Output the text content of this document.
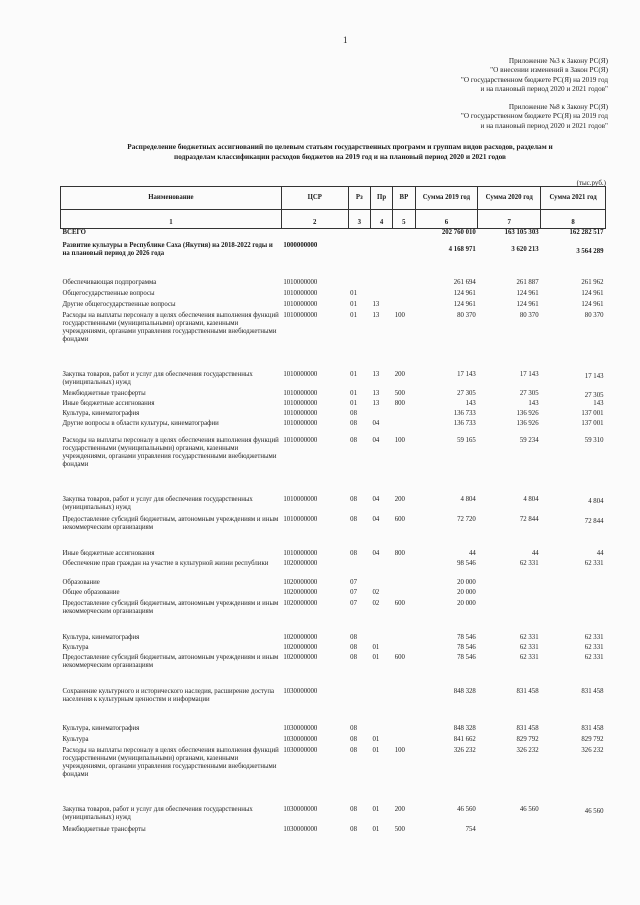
1
Приложение №3 к Закону РС(Я)
"О внесении изменений в Закон РС(Я)
"О государственном бюджете РС(Я) на 2019 год
и на плановый период 2020 и 2021 годов"
Приложение №8 к Закону РС(Я)
"О государственном бюджете РС(Я) на 2019 год
и на плановый период 2020 и 2021 годов"
Распределение бюджетных ассигнований по целевым статьям государственных программ и группам видов расходов, разделам и
подразделам классификации расходов бюджетов на 2019 год и на плановый период 2020 и 2021 годов
(тыс.руб.)
Наименование	ЦСР	Рз	Пр	ВР	Сумма 2019 год	Сумма 2020 год	Сумма 2021 год
1	2	3	4	5	6	7	8
ВСЕГО					202 760 010	163 105 303	162 282 517
Развитие культуры в Республике Саха (Якутия) на 2018-2022 годы и на плановый период до 2026 года	1000000000				4 168 971	3 620 213	3 564 289
Обеспечивающая подпрограмма	1010000000				261 694	261 887	261 962
Общегосударственные вопросы	1010000000	01			124 961	124 961	124 961
Другие общегосударственные вопросы	1010000000	01	13		124 961	124 961	124 961
Расходы на выплаты персоналу в целях обеспечения выполнения функций государственными (муниципальными) органами, казенными учреждениями, органами управления государственными внебюджетными фондами	1010000000	01	13	100	80 370	80 370	80 370
Закупка товаров, работ и услуг для обеспечения государственных (муниципальных) нужд	1010000000	01	13	200	17 143	17 143	17 143
Межбюджетные трансферты	1010000000	01	13	500	27 305	27 305	27 305
Иные бюджетные ассигнования	1010000000	01	13	800	143	143	143
Культура, кинематография	1010000000	08			136 733	136 926	137 001
Другие вопросы в области культуры, кинематографии	1010000000	08	04		136 733	136 926	137 001
Расходы на выплаты персоналу в целях обеспечения выполнения функций государственными (муниципальными) органами, казенными учреждениями, органами управления государственными внебюджетными фондами	1010000000	08	04	100	59 165	59 234	59 310
Закупка товаров, работ и услуг для обеспечения государственных (муниципальных) нужд	1010000000	08	04	200	4 804	4 804	4 804
Предоставление субсидий бюджетным, автономным учреждениям и иным некоммерческим организациям	1010000000	08	04	600	72 720	72 844	72 844
Иные бюджетные ассигнования	1010000000	08	04	800	44	44	44
Обеспечение прав граждан на участие в культурной жизни республики	1020000000				98 546	62 331	62 331
Образование	1020000000	07			20 000		
Общее образование	1020000000	07	02		20 000		
Предоставление субсидий бюджетным, автономным учреждениям и иным некоммерческим организациям	1020000000	07	02	600	20 000		
Культура, кинематография	1020000000	08			78 546	62 331	62 331
Культура	1020000000	08	01		78 546	62 331	62 331
Предоставление субсидий бюджетным, автономным учреждениям и иным некоммерческим организациям	1020000000	08	01	600	78 546	62 331	62 331
Сохранение культурного и исторического наследия, расширение доступа населения к культурным ценностям и информации	1030000000				848 328	831 458	831 458
Культура, кинематография	1030000000	08			848 328	831 458	831 458
Культура	1030000000	08	01		841 662	829 792	829 792
Расходы на выплаты персоналу в целях обеспечения выполнения функций государственными (муниципальными) органами, казенными учреждениями, органами управления государственными внебюджетными фондами	1030000000	08	01	100	326 232	326 232	326 232
Закупка товаров, работ и услуг для обеспечения государственных (муниципальных) нужд	1030000000	08	01	200	46 560	46 560	46 560
Межбюджетные трансферты	1030000000	08	01	500	754		
